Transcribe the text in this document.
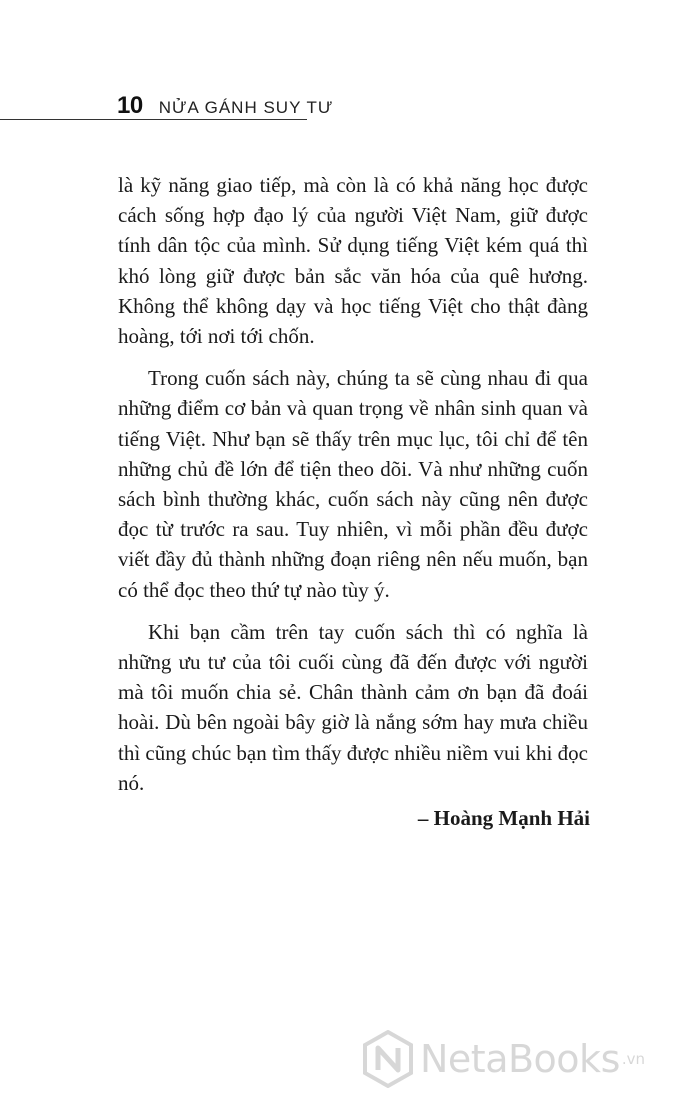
10 NỬA GÁNH SUY TƯ

là kỹ năng giao tiếp, mà còn là có khả năng học được cách sống hợp đạo lý của người Việt Nam, giữ được tính dân tộc của mình. Sử dụng tiếng Việt kém quá thì khó lòng giữ được bản sắc văn hóa của quê hương. Không thể không dạy và học tiếng Việt cho thật đàng hoàng, tới nơi tới chốn.

Trong cuốn sách này, chúng ta sẽ cùng nhau đi qua những điểm cơ bản và quan trọng về nhân sinh quan và tiếng Việt. Như bạn sẽ thấy trên mục lục, tôi chỉ để tên những chủ đề lớn để tiện theo dõi. Và như những cuốn sách bình thường khác, cuốn sách này cũng nên được đọc từ trước ra sau. Tuy nhiên, vì mỗi phần đều được viết đầy đủ thành những đoạn riêng nên nếu muốn, bạn có thể đọc theo thứ tự nào tùy ý.

Khi bạn cầm trên tay cuốn sách thì có nghĩa là những ưu tư của tôi cuối cùng đã đến được với người mà tôi muốn chia sẻ. Chân thành cảm ơn bạn đã đoái hoài. Dù bên ngoài bây giờ là nắng sớm hay mưa chiều thì cũng chúc bạn tìm thấy được nhiều niềm vui khi đọc nó.

– Hoàng Mạnh Hải
NetaBooks .vn
